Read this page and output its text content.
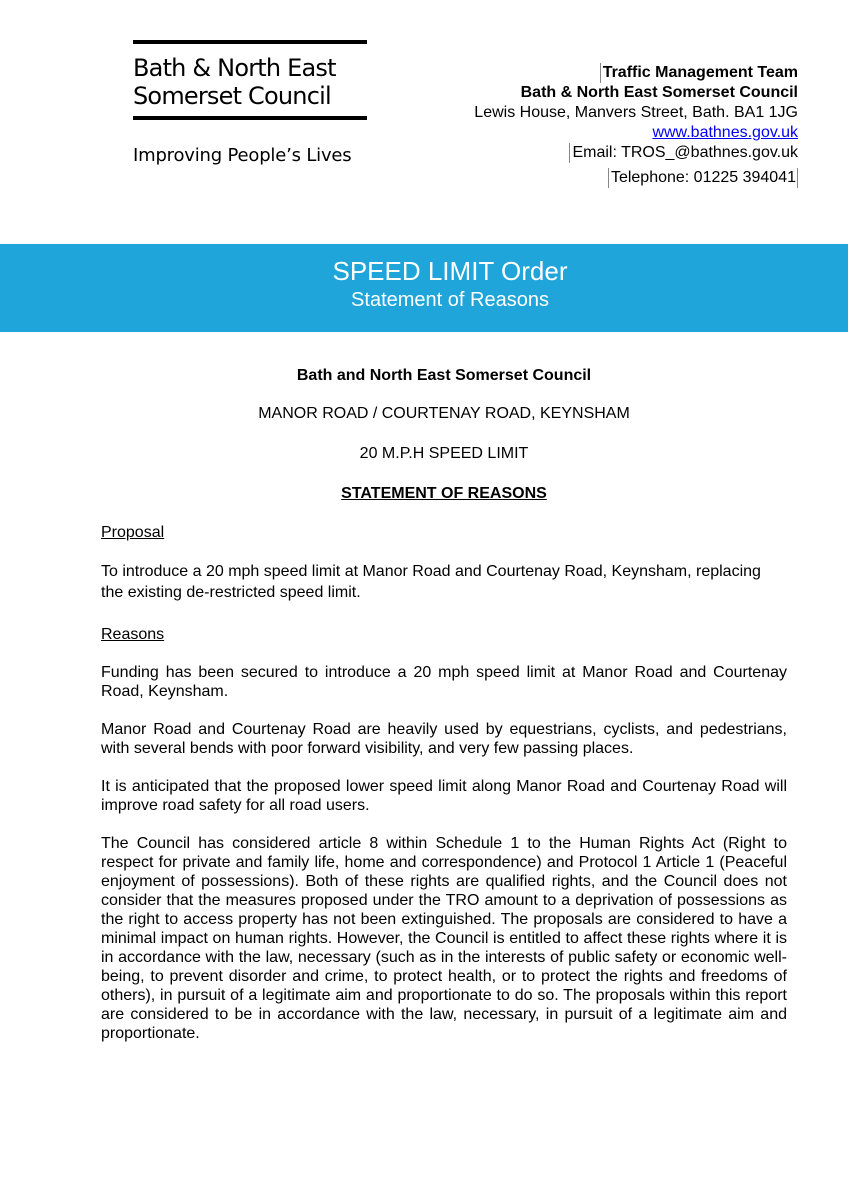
Bath & North East
Somerset Council
Improving People’s Lives
Traffic Management Team
Bath & North East Somerset Council
Lewis House, Manvers Street, Bath. BA1 1JG
www.bathnes.gov.uk
Email: TROS_@bathnes.gov.uk
Telephone: 01225 394041
SPEED LIMIT Order
Statement of Reasons
Bath and North East Somerset Council
MANOR ROAD / COURTENAY ROAD, KEYNSHAM
20 M.P.H SPEED LIMIT
STATEMENT OF REASONS
Proposal
To introduce a 20 mph speed limit at Manor Road and Courtenay Road, Keynsham, replacing the existing de-restricted speed limit.
Reasons
Funding has been secured to introduce a 20 mph speed limit at Manor Road and Courtenay Road, Keynsham.
Manor Road and Courtenay Road are heavily used by equestrians, cyclists, and pedestrians, with several bends with poor forward visibility, and very few passing places.
It is anticipated that the proposed lower speed limit along Manor Road and Courtenay Road will improve road safety for all road users.
The Council has considered article 8 within Schedule 1 to the Human Rights Act (Right to respect for private and family life, home and correspondence) and Protocol 1 Article 1 (Peaceful enjoyment of possessions). Both of these rights are qualified rights, and the Council does not consider that the measures proposed under the TRO amount to a deprivation of possessions as the right to access property has not been extinguished. The proposals are considered to have a minimal impact on human rights. However, the Council is entitled to affect these rights where it is in accordance with the law, necessary (such as in the interests of public safety or economic well-being, to prevent disorder and crime, to protect health, or to protect the rights and freedoms of others), in pursuit of a legitimate aim and proportionate to do so. The proposals within this report are considered to be in accordance with the law, necessary, in pursuit of a legitimate aim and proportionate.
